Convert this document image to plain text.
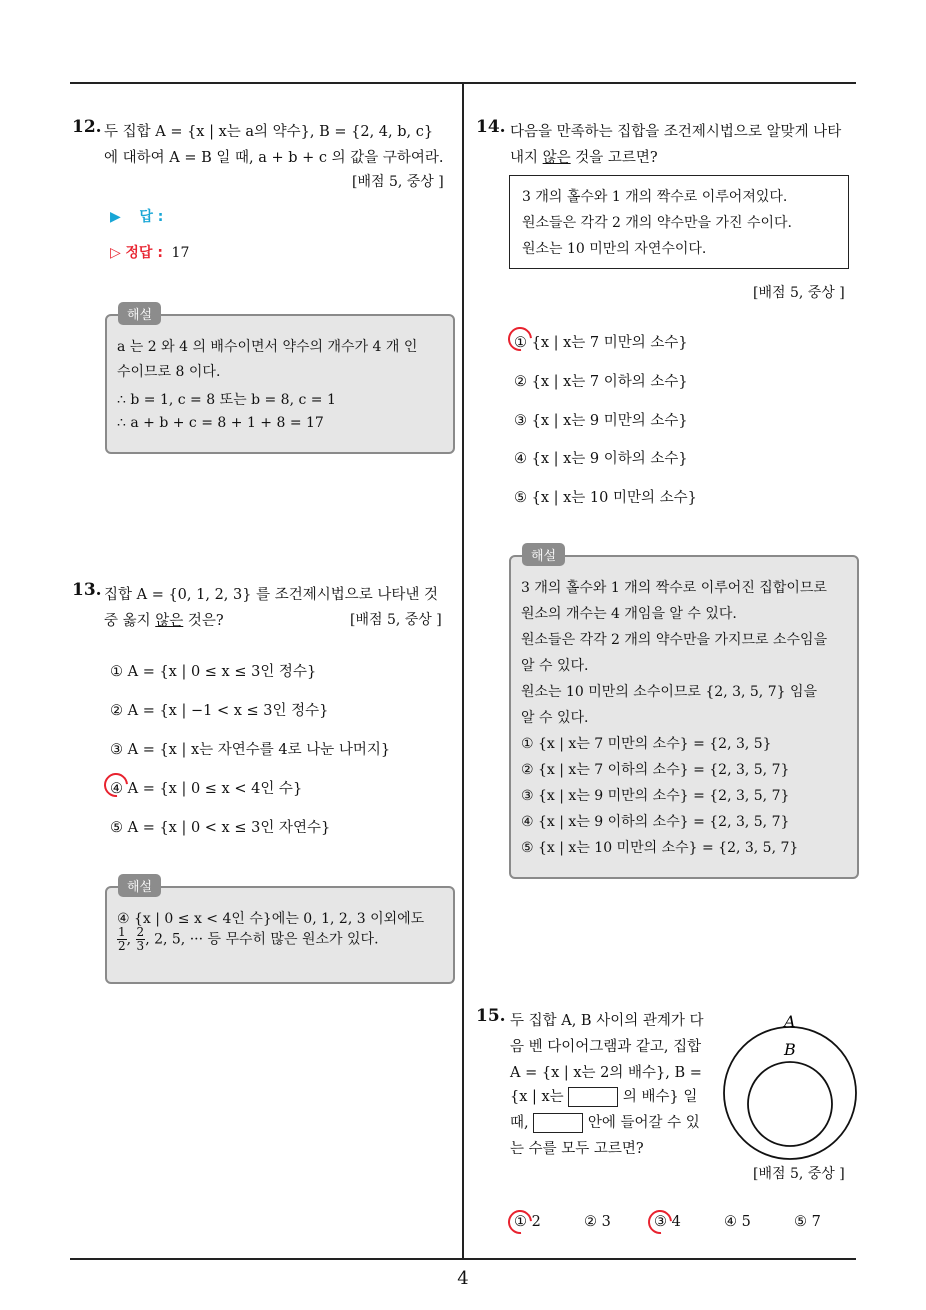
12. 두 집합 A = {x | x는 a의 약수}, B = {2, 4, b, c}
에 대하여 A = B 일 때, a + b + c 의 값을 구하여라.
[배점 5, 중상 ]
▶ 답 :
▷ 정답 : 17
a 는 2 와 4 의 배수이면서 약수의 개수가 4 개 인
수이므로 8 이다.
∴ b = 1, c = 8 또는 b = 8, c = 1
∴ a + b + c = 8 + 1 + 8 = 17
해설
13. 집합 A = {0, 1, 2, 3} 를 조건제시법으로 나타낸 것
중 옳지 않은 것은?	[배점 5, 중상 ]
① A = {x | 0 ≤ x ≤ 3인 정수}
② A = {x | −1 < x ≤ 3인 정수}
③ A = {x | x는 자연수를 4로 나눈 나머지}
④ A = {x | 0 ≤ x < 4인 수}
⑤ A = {x | 0 < x ≤ 3인 자연수}
④ {x | 0 ≤ x < 4인 수}에는 0, 1, 2, 3 이외에도
$\frac{1}{2}$ , $\frac{2}{3}$ , 2, 5, ··· 등 무수히 많은 원소가 있다.
해설
14. 다음을 만족하는 집합을 조건제시법으로 알맞게 나타
내지 않은 것을 고르면?
3 개의 홀수와 1 개의 짝수로 이루어져있다.
원소들은 각각 2 개의 약수만을 가진 수이다.
원소는 10 미만의 자연수이다.
[배점 5, 중상 ]
① {x | x는 7 미만의 소수}
② {x | x는 7 이하의 소수}
③ {x | x는 9 미만의 소수}
④ {x | x는 9 이하의 소수}
⑤ {x | x는 10 미만의 소수}
3 개의 홀수와 1 개의 짝수로 이루어진 집합이므로
원소의 개수는 4 개임을 알 수 있다.
원소들은 각각 2 개의 약수만을 가지므로 소수임을
알 수 있다.
원소는 10 미만의 소수이므로 {2, 3, 5, 7} 임을
알 수 있다.
① {x | x는 7 미만의 소수} = {2, 3, 5}
② {x | x는 7 이하의 소수} = {2, 3, 5, 7}
③ {x | x는 9 미만의 소수} = {2, 3, 5, 7}
④ {x | x는 9 이하의 소수} = {2, 3, 5, 7}
⑤ {x | x는 10 미만의 소수} = {2, 3, 5, 7}
해설
15. 두 집합 A, B 사이의 관계가 다
음 벤 다이어그램과 같고, 집합
A = {x | x는 2의 배수}, B =
{x | x는	의 배수} 일
때,	안에 들어갈 수 있
는 수를 모두 고르면?
A
B
[배점 5, 중상 ]
① 2	② 3	③ 4	④ 5	⑤ 7
4
